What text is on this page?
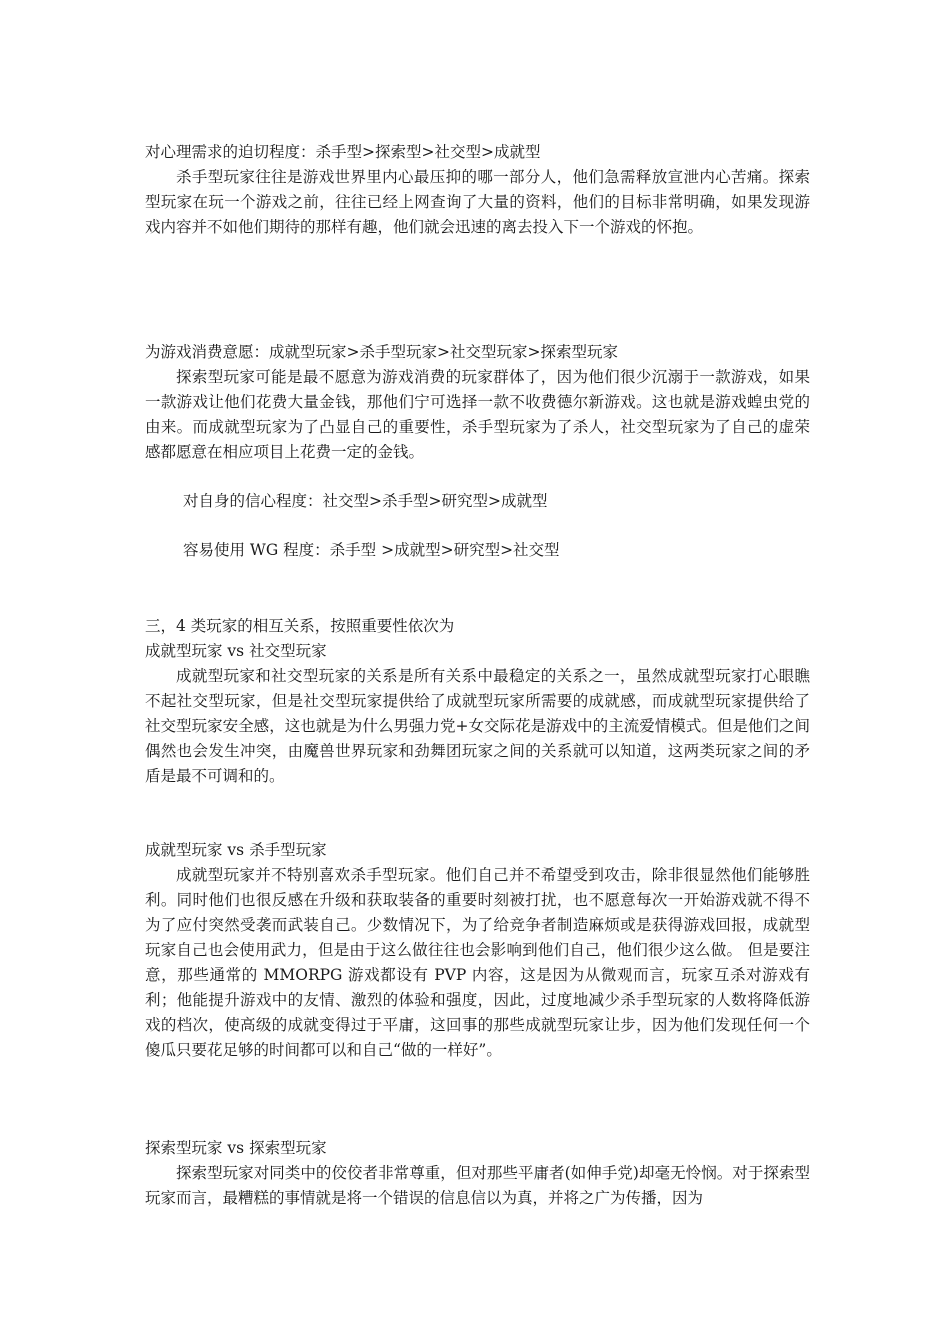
对心理需求的迫切程度：杀手型>探索型>社交型>成就型
杀手型玩家往往是游戏世界里内心最压抑的哪一部分人，他们急需释放宣泄内心苦痛。探索型玩家在玩一个游戏之前，往往已经上网查询了大量的资料，他们的目标非常明确，如果发现游戏内容并不如他们期待的那样有趣，他们就会迅速的离去投入下一个游戏的怀抱。
为游戏消费意愿：成就型玩家>杀手型玩家>社交型玩家>探索型玩家
探索型玩家可能是最不愿意为游戏消费的玩家群体了，因为他们很少沉溺于一款游戏，如果一款游戏让他们花费大量金钱，那他们宁可选择一款不收费德尔新游戏。这也就是游戏蝗虫党的由来。而成就型玩家为了凸显自己的重要性，杀手型玩家为了杀人，社交型玩家为了自己的虚荣感都愿意在相应项目上花费一定的金钱。
对自身的信心程度：社交型>杀手型>研究型>成就型
容易使用 WG 程度：杀手型 >成就型>研究型>社交型
三，4 类玩家的相互关系，按照重要性依次为
成就型玩家 vs 社交型玩家
成就型玩家和社交型玩家的关系是所有关系中最稳定的关系之一，虽然成就型玩家打心眼瞧不起社交型玩家，但是社交型玩家提供给了成就型玩家所需要的成就感，而成就型玩家提供给了社交型玩家安全感，这也就是为什么男强力党+女交际花是游戏中的主流爱情模式。但是他们之间偶然也会发生冲突，由魔兽世界玩家和劲舞团玩家之间的关系就可以知道，这两类玩家之间的矛盾是最不可调和的。
成就型玩家 vs 杀手型玩家
成就型玩家并不特别喜欢杀手型玩家。他们自己并不希望受到攻击，除非很显然他们能够胜利。同时他们也很反感在升级和获取装备的重要时刻被打扰，也不愿意每次一开始游戏就不得不为了应付突然受袭而武装自己。少数情况下，为了给竞争者制造麻烦或是获得游戏回报，成就型玩家自己也会使用武力，但是由于这么做往往也会影响到他们自己，他们很少这么做。 但是要注意，那些通常的 MMORPG 游戏都设有 PVP 内容，这是因为从微观而言，玩家互杀对游戏有利；他能提升游戏中的友情、激烈的体验和强度，因此，过度地减少杀手型玩家的人数将降低游戏的档次，使高级的成就变得过于平庸，这回事的那些成就型玩家让步，因为他们发现任何一个傻瓜只要花足够的时间都可以和自己“做的一样好”。
探索型玩家 vs 探索型玩家
探索型玩家对同类中的佼佼者非常尊重，但对那些平庸者(如伸手党)却毫无怜悯。对于探索型玩家而言，最糟糕的事情就是将一个错误的信息信以为真，并将之广为传播，因为
